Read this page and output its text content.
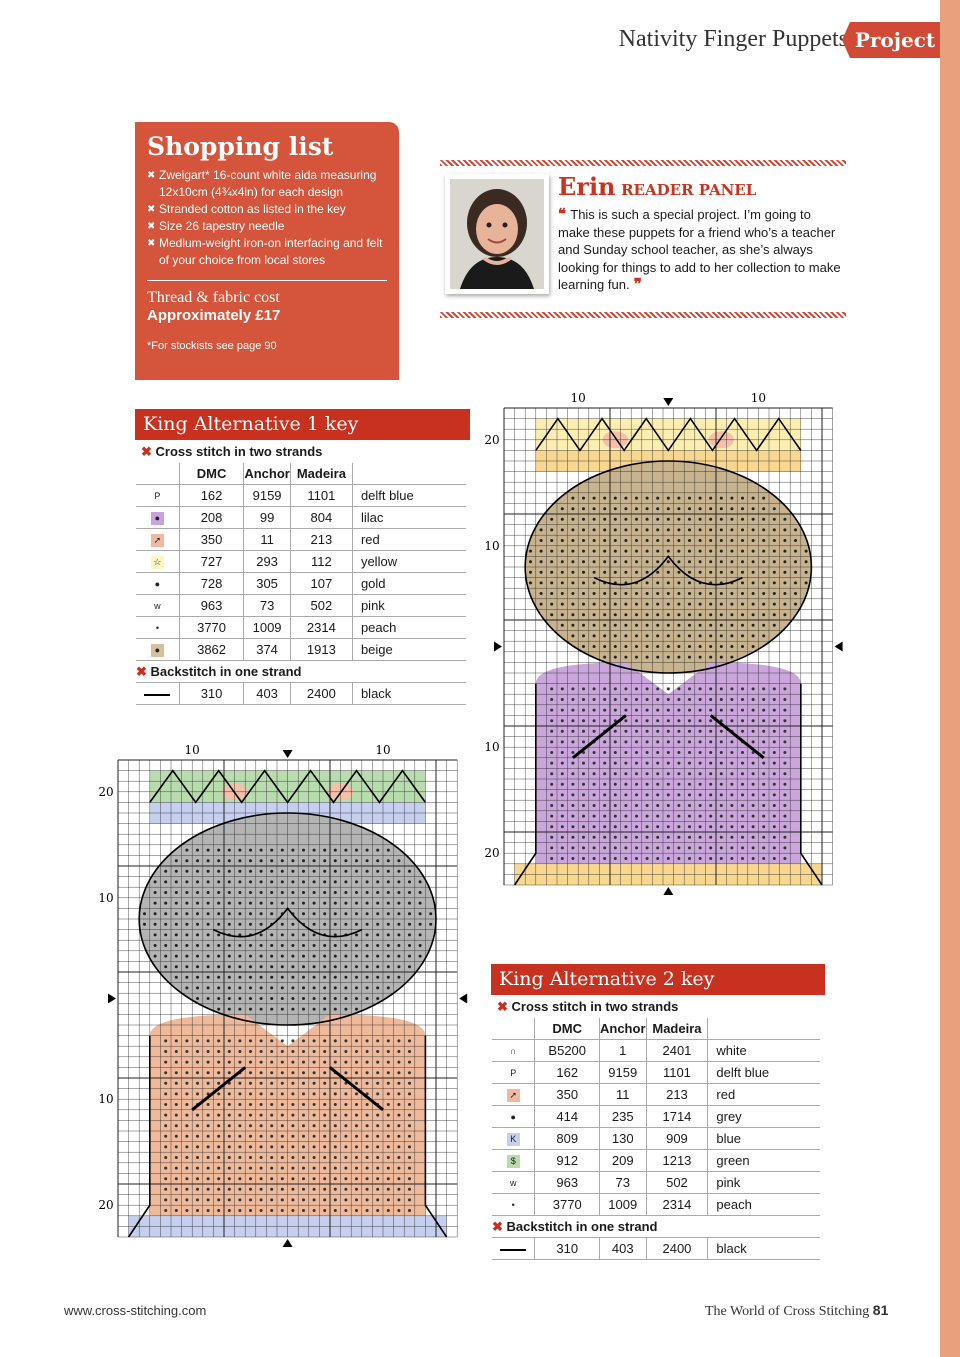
Nativity Finger Puppets Project
Shopping list
✖ Zweigart* 16-count white aida measuring 12x10cm (4¾x4in) for each design
✖ Stranded cotton as listed in the key
✖ Size 26 tapestry needle
✖ Medium-weight iron-on interfacing and felt of your choice from local stores
Thread & fabric cost
Approximately £17
*For stockists see page 90
Erin READER PANEL
❝ This is such a special project. I’m going to make these puppets for a friend who’s a teacher and Sunday school teacher, as she’s always looking for things to add to her collection to make learning fun. ❞
King Alternative 1 key
✖ Cross stitch in two strands
	DMC	Anchor	Madeira	
P	162	9159	1101	delft blue
●	208	99	804	lilac
➚	350	11	213	red
☆	727	293	112	yellow
●	728	305	107	gold
w	963	73	502	pink
•	3770	1009	2314	peach
●	3862	374	1913	beige
✖ Backstitch in one strand				
	310	403	2400	black
King Alternative 2 key
✖ Cross stitch in two strands
	DMC	Anchor	Madeira	
∩	B5200	1	2401	white
P	162	9159	1101	delft blue
➚	350	11	213	red
●	414	235	1714	grey
K	809	130	909	blue
$	912	209	1213	green
w	963	73	502	pink
•	3770	1009	2314	peach
✖ Backstitch in one strand				
	310	403	2400	black
10	10
20
10
10
20
10	10
20
10
10
20
www.cross-stitching.com	The World of Cross Stitching 81
